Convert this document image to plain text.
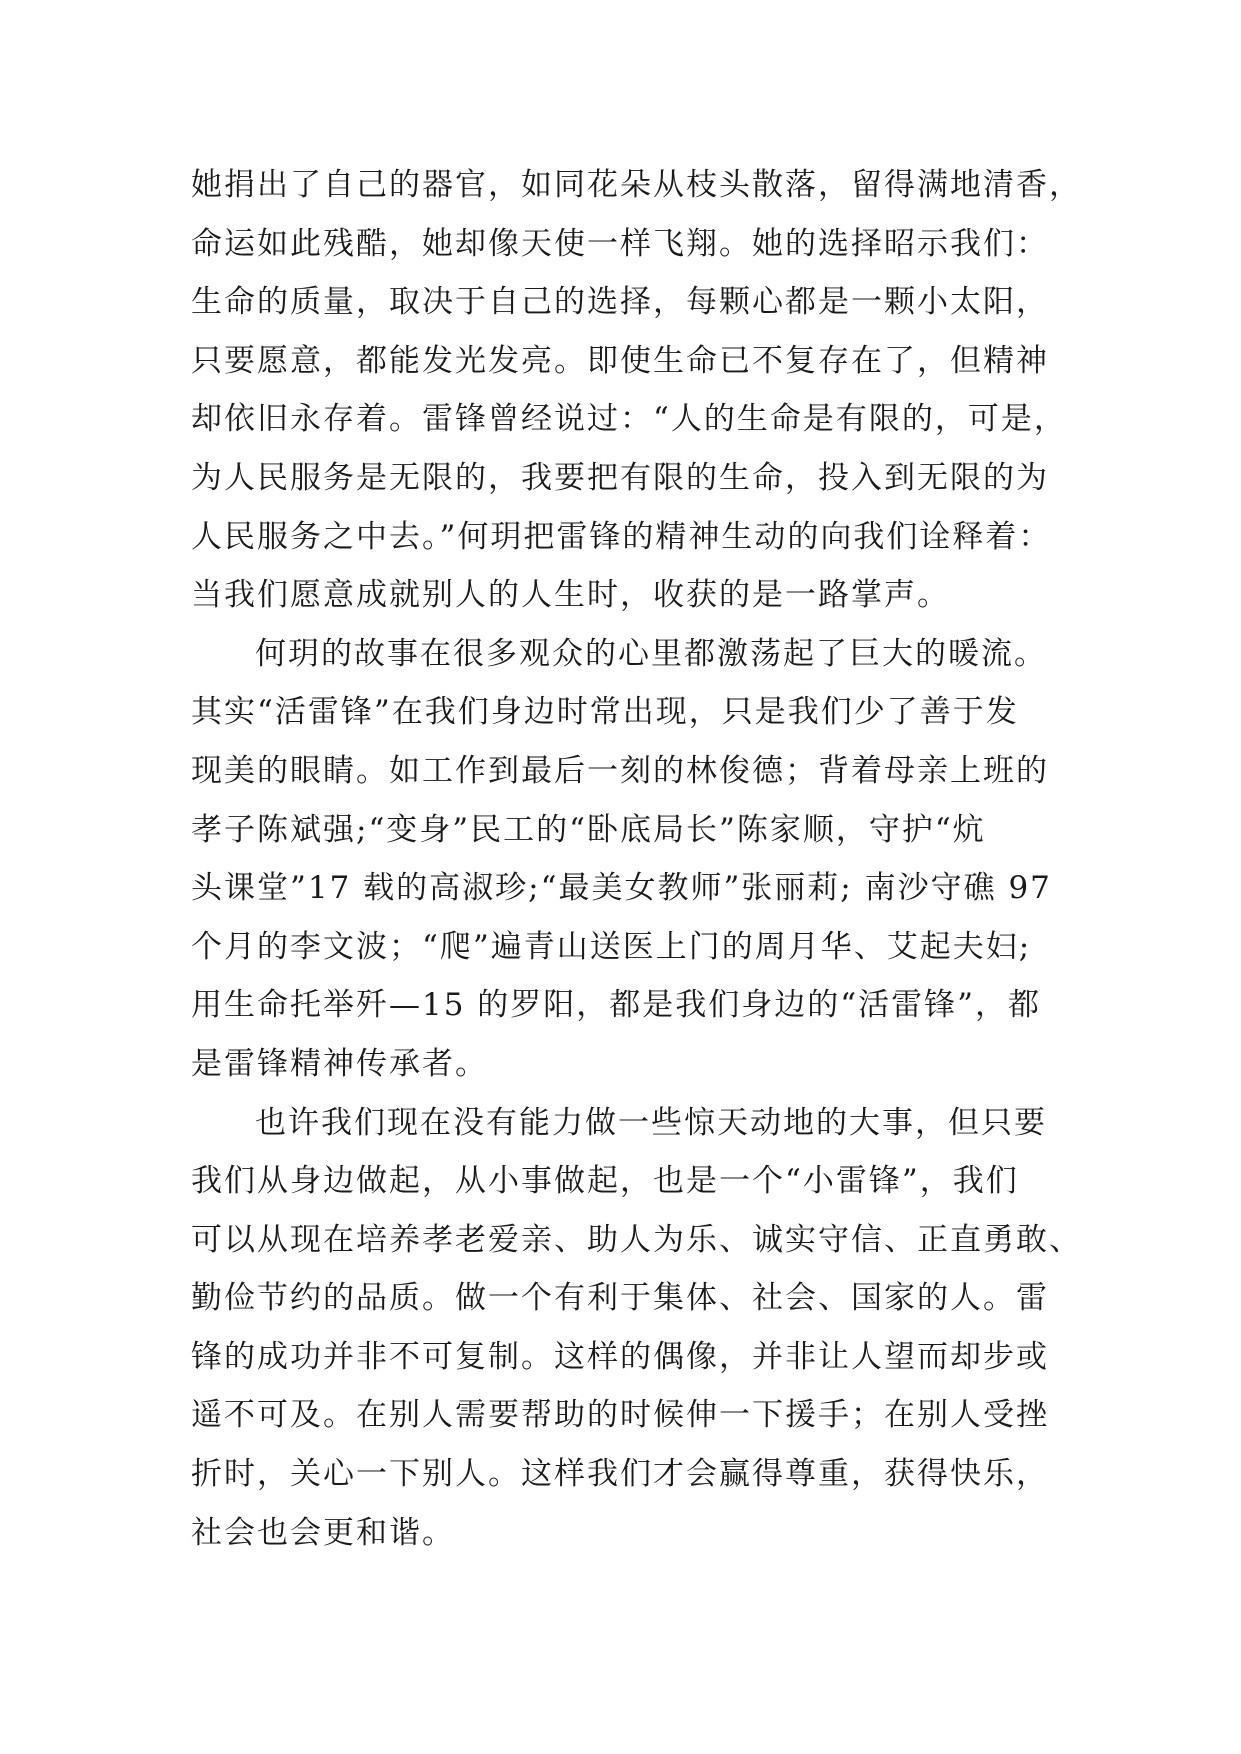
她捐出了自己的器官，如同花朵从枝头散落，留得满地清香，
命运如此残酷，她却像天使一样飞翔。她的选择昭示我们：
生命的质量，取决于自己的选择，每颗心都是一颗小太阳，
只要愿意，都能发光发亮。即使生命已不复存在了，但精神
却依旧永存着。雷锋曾经说过：“人的生命是有限的，可是，
为人民服务是无限的，我要把有限的生命，投入到无限的为
人民服务之中去。”何玥把雷锋的精神生动的向我们诠释着：
当我们愿意成就别人的人生时，收获的是一路掌声。
何玥的故事在很多观众的心里都激荡起了巨大的暖流。
其实“活雷锋”在我们身边时常出现，只是我们少了善于发
现美的眼睛。如工作到最后一刻的林俊德；背着母亲上班的
孝子陈斌强;“变身”民工的“卧底局长”陈家顺，守护“炕
头课堂”17 载的高淑珍;“最美女教师”张丽莉; 南沙守礁 97
个月的李文波；“爬”遍青山送医上门的周月华、艾起夫妇;
用生命托举歼—15 的罗阳，都是我们身边的“活雷锋”，都
是雷锋精神传承者。
也许我们现在没有能力做一些惊天动地的大事，但只要
我们从身边做起，从小事做起，也是一个“小雷锋”，我们
可以从现在培养孝老爱亲、助人为乐、诚实守信、正直勇敢、
勤俭节约的品质。做一个有利于集体、社会、国家的人。雷
锋的成功并非不可复制。这样的偶像，并非让人望而却步或
遥不可及。在别人需要帮助的时候伸一下援手；在别人受挫
折时，关心一下别人。这样我们才会赢得尊重，获得快乐，
社会也会更和谐。
